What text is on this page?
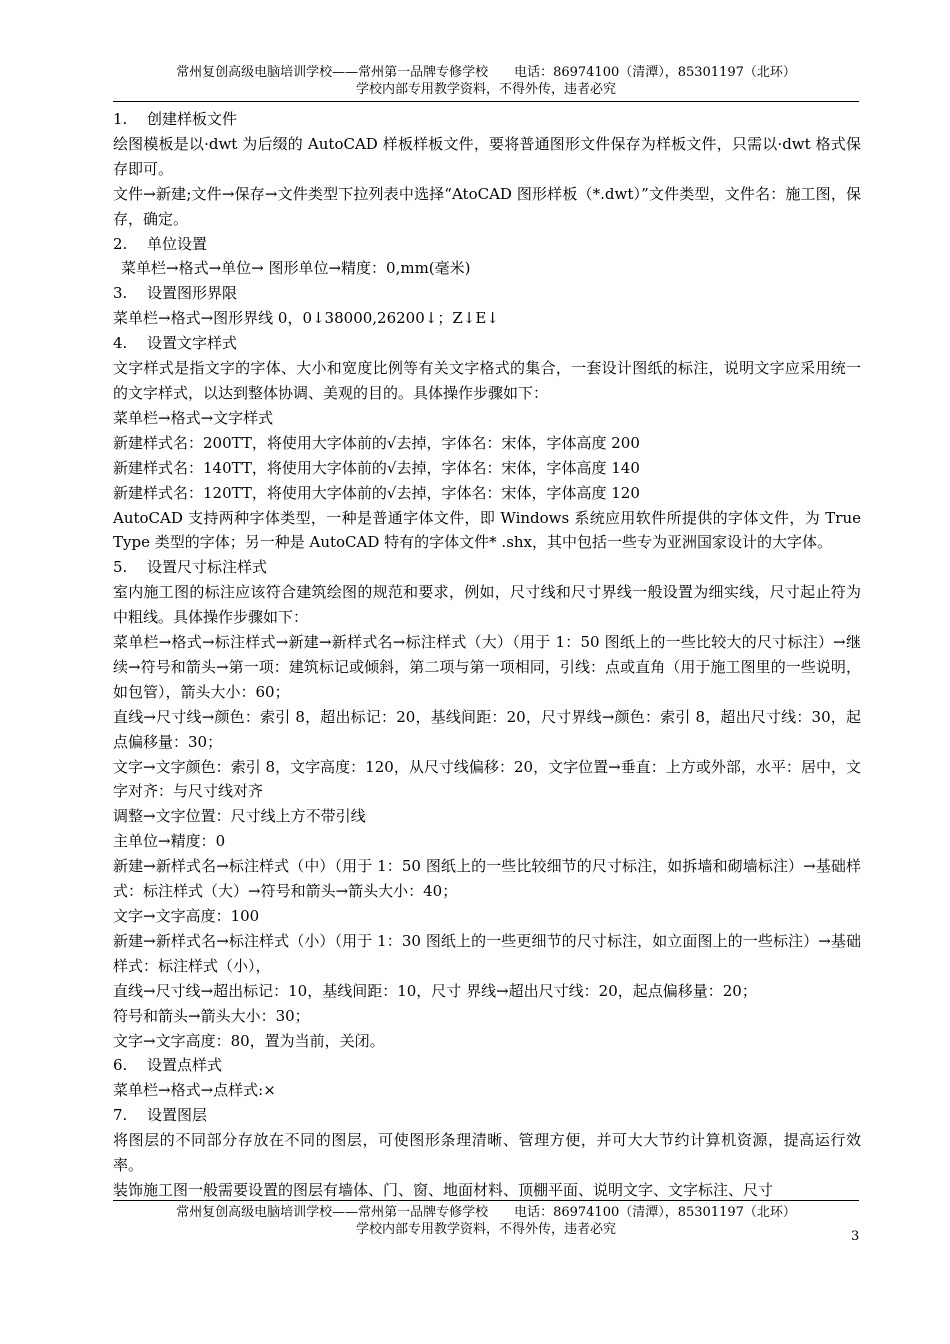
常州复创高级电脑培训学校——常州第一品牌专修学校　　电话：86974100（清潭），85301197（北环）
学校内部专用教学资料，不得外传，违者必究

1. 创建样板文件

绘图模板是以·dwt 为后缀的 AutoCAD 样板样板文件，要将普通图形文件保存为样板文件，只需以·dwt 格式保存即可。

文件→新建;文件→保存→文件类型下拉列表中选择“AtoCAD 图形样板（*.dwt）”文件类型，文件名：施工图，保存，确定。

2. 单位设置

菜单栏→格式→单位→ 图形单位→精度：0,mm(毫米)

3. 设置图形界限

菜单栏→格式→图形界线 0，0↓38000,26200↓；Z↓E↓

4. 设置文字样式

文字样式是指文字的字体、大小和宽度比例等有关文字格式的集合，一套设计图纸的标注，说明文字应采用统一的文字样式，以达到整体协调、美观的目的。具体操作步骤如下：

菜单栏→格式→文字样式

新建样式名：200TT，将使用大字体前的√去掉，字体名：宋体，字体高度 200

新建样式名：140TT，将使用大字体前的√去掉，字体名：宋体，字体高度 140

新建样式名：120TT，将使用大字体前的√去掉，字体名：宋体，字体高度 120

AutoCAD 支持两种字体类型，一种是普通字体文件，即 Windows 系统应用软件所提供的字体文件，为 True Type 类型的字体；另一种是 AutoCAD 特有的字体文件* .shx，其中包括一些专为亚洲国家设计的大字体。

5. 设置尺寸标注样式

室内施工图的标注应该符合建筑绘图的规范和要求，例如，尺寸线和尺寸界线一般设置为细实线，尺寸起止符为中粗线。具体操作步骤如下：

菜单栏→格式→标注样式→新建→新样式名→标注样式（大）（用于 1：50 图纸上的一些比较大的尺寸标注）→继续→符号和箭头→第一项：建筑标记或倾斜，第二项与第一项相同，引线：点或直角（用于施工图里的一些说明，如包管），箭头大小：60；

直线→尺寸线→颜色：索引 8，超出标记：20，基线间距：20，尺寸界线→颜色：索引 8，超出尺寸线：30，起点偏移量：30；

文字→文字颜色：索引 8，文字高度：120，从尺寸线偏移：20，文字位置→垂直：上方或外部，水平：居中，文字对齐：与尺寸线对齐

调整→文字位置：尺寸线上方不带引线

主单位→精度：0

新建→新样式名→标注样式（中）（用于 1：50 图纸上的一些比较细节的尺寸标注，如拆墙和砌墙标注）→基础样式：标注样式（大）→符号和箭头→箭头大小：40；

文字→文字高度：100

新建→新样式名→标注样式（小）（用于 1：30 图纸上的一些更细节的尺寸标注，如立面图上的一些标注）→基础样式：标注样式（小），

直线→尺寸线→超出标记：10，基线间距：10，尺寸 界线→超出尺寸线：20，起点偏移量：20；

符号和箭头→箭头大小：30；

文字→文字高度：80，置为当前，关闭。

6. 设置点样式

菜单栏→格式→点样式:×

7. 设置图层

将图层的不同部分存放在不同的图层，可使图形条理清晰、管理方便，并可大大节约计算机资源，提高运行效率。

装饰施工图一般需要设置的图层有墙体、门、窗、地面材料、顶棚平面、说明文字、文字标注、尺寸

常州复创高级电脑培训学校——常州第一品牌专修学校　　电话：86974100（清潭），85301197（北环）
学校内部专用教学资料，不得外传，违者必究	3
